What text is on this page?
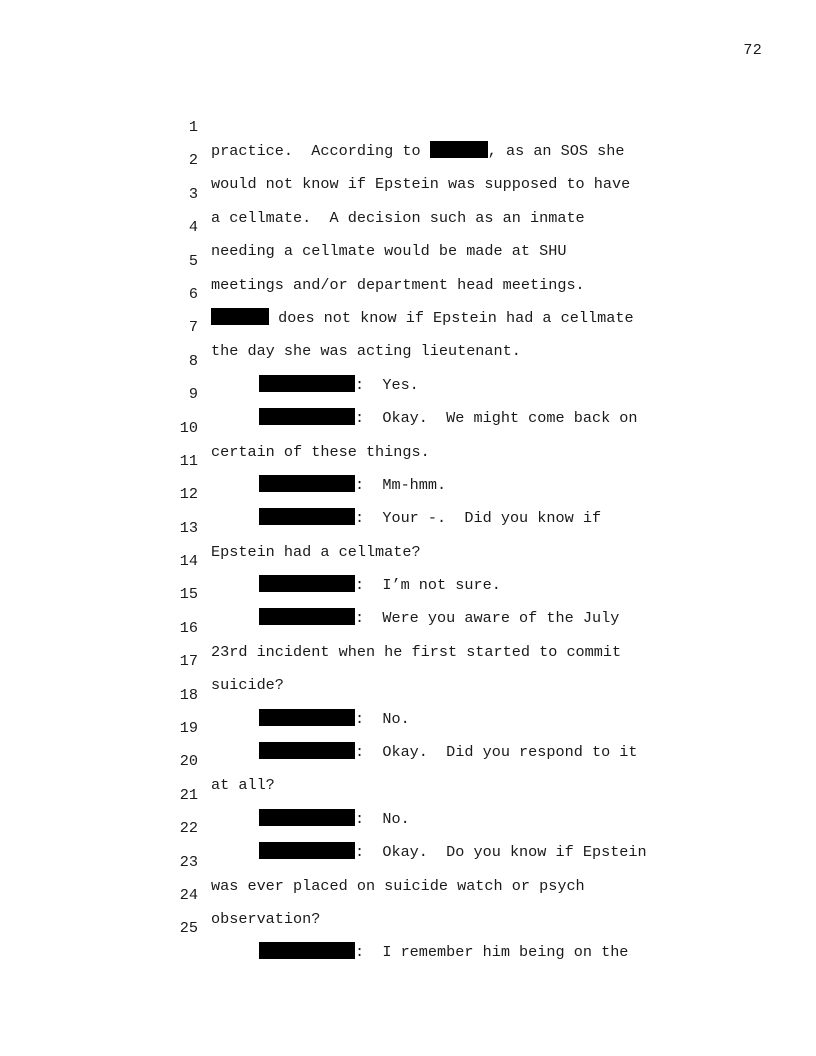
72

1

practice.  According to	, as an SOS she

2

would not know if Epstein was supposed to have

3

a cellmate.  A decision such as an inmate

4

needing a cellmate would be made at SHU

5

meetings and/or department head meetings.

6

does not know if Epstein had a cellmate

7

the day she was acting lieutenant.

8

:  Yes.

9

:  Okay.  We might come back on

10

certain of these things.

11

:  Mm-hmm.

12

:  Your -.  Did you know if

13

Epstein had a cellmate?

14

:  I’m not sure.

15

:  Were you aware of the July

16

23rd incident when he first started to commit

17

suicide?

18

:  No.

19

:  Okay.  Did you respond to it

20

at all?

21

:  No.

22

:  Okay.  Do you know if Epstein

23

was ever placed on suicide watch or psych

24

observation?

25

:  I remember him being on the
